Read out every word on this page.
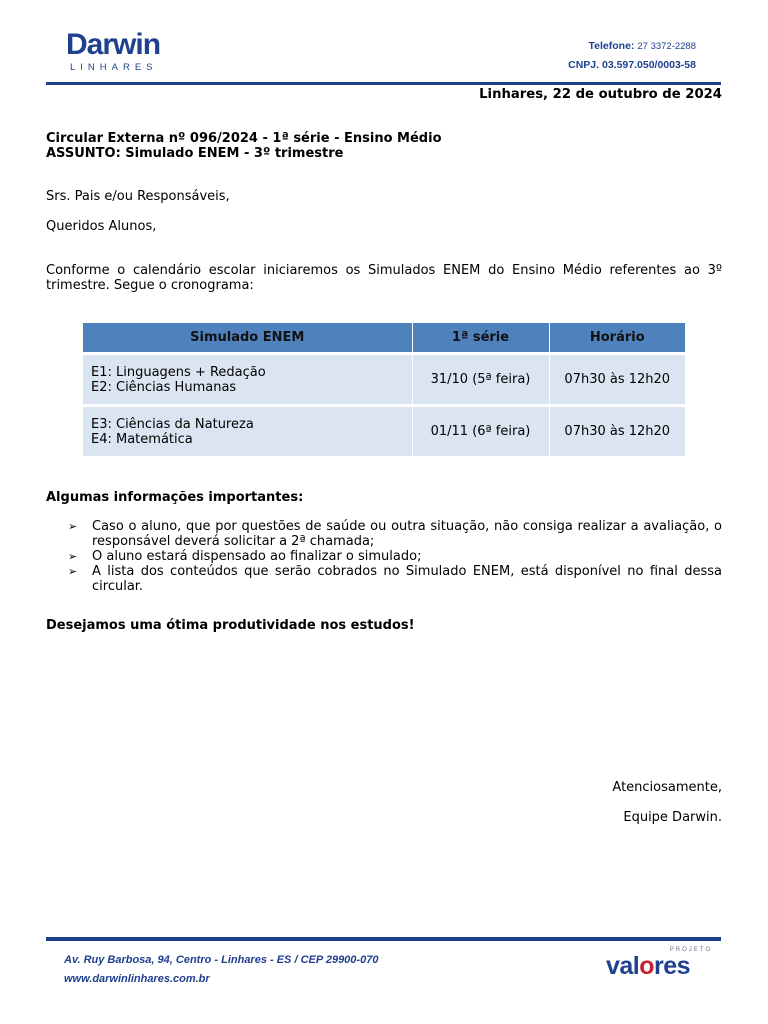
Darwin
LINHARES
Telefone: 27 3372-2288
CNPJ. 03.597.050/0003-58
Linhares, 22 de outubro de 2024
Circular Externa nº 096/2024 - 1ª série - Ensino Médio
ASSUNTO: Simulado ENEM - 3º trimestre
Srs. Pais e/ou Responsáveis,
Queridos Alunos,
Conforme o calendário escolar iniciaremos os Simulados ENEM do Ensino Médio referentes ao 3º trimestre. Segue o cronograma:
Simulado ENEM	1ª série	Horário

E1: Linguagens + Redação
E2: Ciências Humanas	31/10 (5ª feira)	07h30 às 12h20

E3: Ciências da Natureza
E4: Matemática	01/11 (6ª feira)	07h30 às 12h20
Algumas informações importantes:
➢ Caso o aluno, que por questões de saúde ou outra situação, não consiga realizar a avaliação, o responsável deverá solicitar a 2ª chamada;
➢ O aluno estará dispensado ao finalizar o simulado;
➢ A lista dos conteúdos que serão cobrados no Simulado ENEM, está disponível no final dessa circular.
Desejamos uma ótima produtividade nos estudos!
Atenciosamente,
Equipe Darwin.
Av. Ruy Barbosa, 94, Centro - Linhares - ES / CEP 29900-070
www.darwinlinhares.com.br
PROJETO
valores
